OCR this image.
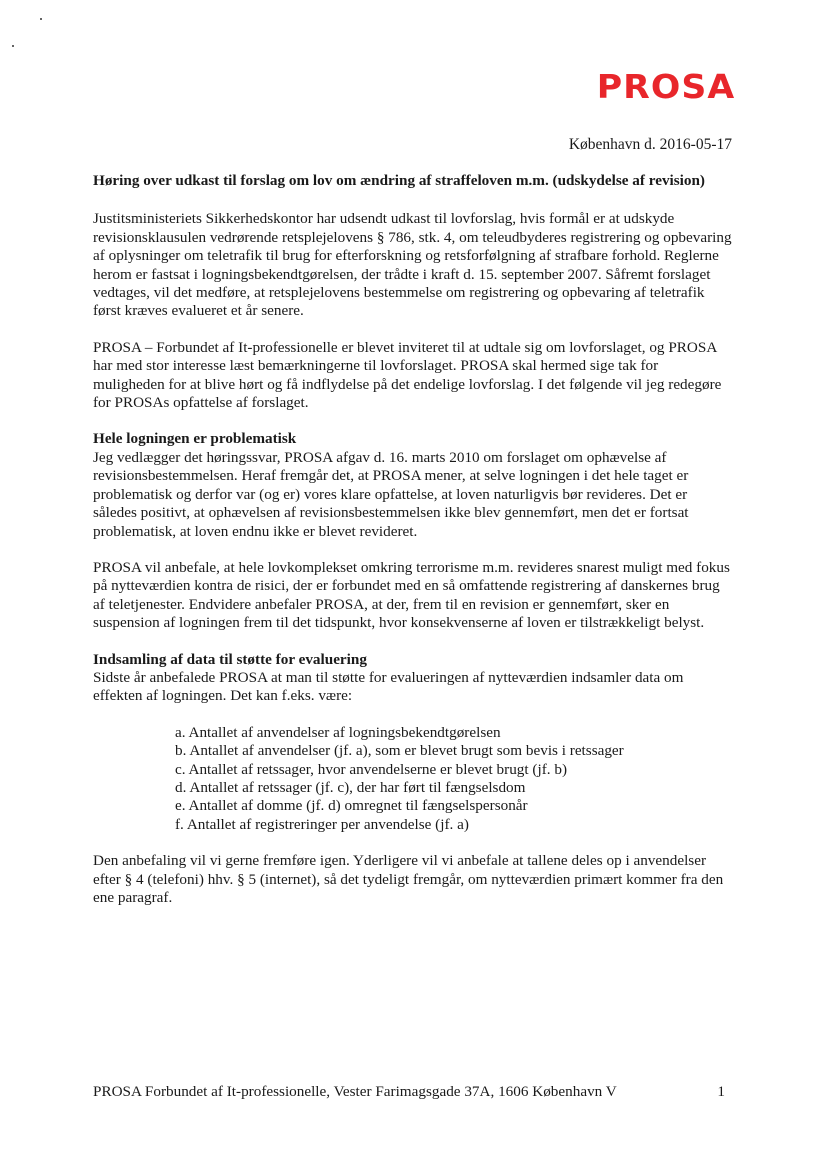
PROSA
København d. 2016-05-17

Høring over udkast til forslag om lov om ændring af straffeloven m.m. (udskydelse af revision)

Justitsministeriets Sikkerhedskontor har udsendt udkast til lovforslag, hvis formål er at udskyde revisionsklausulen vedrørende retsplejelovens § 786, stk. 4, om teleudbyderes registrering og opbevaring af oplysninger om teletrafik til brug for efterforskning og retsforfølgning af strafbare forhold. Reglerne herom er fastsat i logningsbekendtgørelsen, der trådte i kraft d. 15. september 2007. Såfremt forslaget vedtages, vil det medføre, at retsplejelovens bestemmelse om registrering og opbevaring af teletrafik først kræves evalueret et år senere.

PROSA – Forbundet af It-professionelle er blevet inviteret til at udtale sig om lovforslaget, og PROSA har med stor interesse læst bemærkningerne til lovforslaget. PROSA skal hermed sige tak for muligheden for at blive hørt og få indflydelse på det endelige lovforslag. I det følgende vil jeg redegøre for PROSAs opfattelse af forslaget.

Hele logningen er problematisk

Jeg vedlægger det høringssvar, PROSA afgav d. 16. marts 2010 om forslaget om ophævelse af revisionsbestemmelsen. Heraf fremgår det, at PROSA mener, at selve logningen i det hele taget er problematisk og derfor var (og er) vores klare opfattelse, at loven naturligvis bør revideres. Det er således positivt, at ophævelsen af revisionsbestemmelsen ikke blev gennemført, men det er fortsat problematisk, at loven endnu ikke er blevet revideret.

PROSA vil anbefale, at hele lovkomplekset omkring terrorisme m.m. revideres snarest muligt med fokus på nytteværdien kontra de risici, der er forbundet med en så omfattende registrering af danskernes brug af teletjenester. Endvidere anbefaler PROSA, at der, frem til en revision er gennemført, sker en suspension af logningen frem til det tidspunkt, hvor konsekvenserne af loven er tilstrækkeligt belyst.

Indsamling af data til støtte for evaluering

Sidste år anbefalede PROSA at man til støtte for evalueringen af nytteværdien indsamler data om effekten af logningen. Det kan f.eks. være:

a. Antallet af anvendelser af logningsbekendtgørelsen
b. Antallet af anvendelser (jf. a), som er blevet brugt som bevis i retssager
c. Antallet af retssager, hvor anvendelserne er blevet brugt (jf. b)
d. Antallet af retssager (jf. c), der har ført til fængselsdom
e. Antallet af domme (jf. d) omregnet til fængselspersonår
f. Antallet af registreringer per anvendelse (jf. a)

Den anbefaling vil vi gerne fremføre igen. Yderligere vil vi anbefale at tallene deles op i anvendelser efter § 4 (telefoni) hhv. § 5 (internet), så det tydeligt fremgår, om nytteværdien primært kommer fra den ene paragraf.

PROSA Forbundet af It-professionelle, Vester Farimagsgade 37A, 1606 København V	1
